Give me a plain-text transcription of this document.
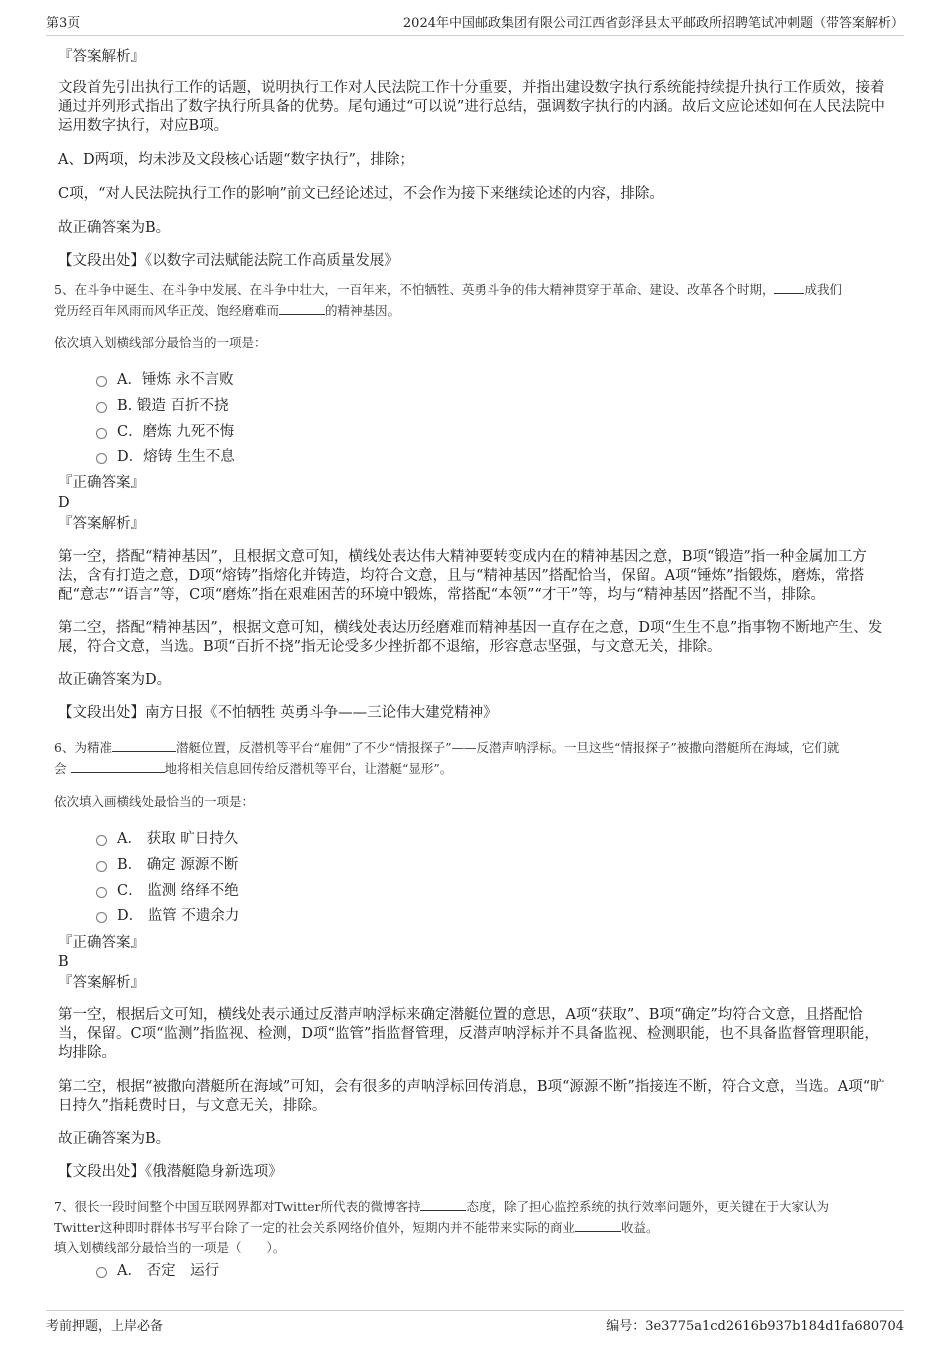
第3页	2024年中国邮政集团有限公司江西省彭泽县太平邮政所招聘笔试冲刺题（带答案解析）

『答案解析』

文段首先引出执行工作的话题，说明执行工作对人民法院工作十分重要，并指出建设数字执行系统能持续提升执行工作质效，接着通过并列形式指出了数字执行所具备的优势。尾句通过“可以说”进行总结，强调数字执行的内涵。故后文应论述如何在人民法院中运用数字执行，对应B项。

A、D两项，均未涉及文段核心话题“数字执行”，排除；

C项，“对人民法院执行工作的影响”前文已经论述过，不会作为接下来继续论述的内容，排除。

故正确答案为B。

【文段出处】《以数字司法赋能法院工作高质量发展》

5、在斗争中诞生、在斗争中发展、在斗争中壮大，一百年来，不怕牺牲、英勇斗争的伟大精神贯穿于革命、建设、改革各个时期， 成我们
党历经百年风雨而风华正茂、饱经磨难而	的精神基因。

依次填入划横线部分最恰当的一项是：

A．锤炼 永不言败
B. 锻造 百折不挠
C．磨炼 九死不悔
D．熔铸 生生不息

『正确答案』

D

『答案解析』

第一空，搭配“精神基因”，且根据文意可知，横线处表达伟大精神要转变成内在的精神基因之意，B项“锻造”指一种金属加工方法，含有打造之意，D项“熔铸”指熔化并铸造，均符合文意，且与“精神基因”搭配恰当，保留。A项“锤炼”指锻炼，磨炼，常搭配“意志”“语言”等，C项“磨炼”指在艰难困苦的环境中锻炼，常搭配“本领”“才干”等，均与“精神基因”搭配不当，排除。

第二空，搭配“精神基因”，根据文意可知，横线处表达历经磨难而精神基因一直存在之意，D项“生生不息”指事物不断地产生、发展，符合文意，当选。B项“百折不挠”指无论受多少挫折都不退缩，形容意志坚强，与文意无关，排除。

故正确答案为D。

【文段出处】南方日报《不怕牺牲 英勇斗争——三论伟大建党精神》

6、为精准	潜艇位置，反潜机等平台“雇佣”了不少“情报探子”——反潜声呐浮标。一旦这些“情报探子”被撒向潜艇所在海域，它们就
会	地将相关信息回传给反潜机等平台，让潜艇“显形”。

依次填入画横线处最恰当的一项是：

A． 获取 旷日持久
B． 确定 源源不断
C． 监测 络绎不绝
D． 监管 不遗余力

『正确答案』

B

『答案解析』

第一空，根据后文可知，横线处表示通过反潜声呐浮标来确定潜艇位置的意思，A项“获取”、B项“确定”均符合文意，且搭配恰当，保留。C项“监测”指监视、检测，D项“监管”指监督管理，反潜声呐浮标并不具备监视、检测职能，也不具备监督管理职能，均排除。

第二空，根据“被撒向潜艇所在海域”可知，会有很多的声呐浮标回传消息，B项“源源不断”指接连不断，符合文意，当选。A项“旷日持久”指耗费时日，与文意无关，排除。

故正确答案为B。

【文段出处】《俄潜艇隐身新选项》

7、很长一段时间整个中国互联网界都对Twitter所代表的微博客持	态度，除了担心监控系统的执行效率问题外，更关键在于大家认为
Twitter这种即时群体书写平台除了一定的社会关系网络价值外，短期内并不能带来实际的商业	收益。

填入划横线部分最恰当的一项是（　　）。

A． 否定　运行
考前押题，上岸必备	编号：3e3775a1cd2616b937b184d1fa680704
